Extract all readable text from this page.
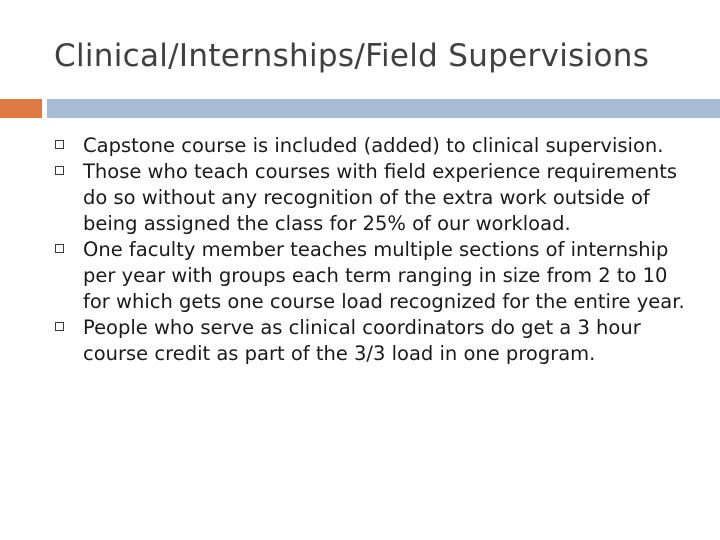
Clinical/Internships/Field Supervisions
Capstone course is included (added) to clinical supervision.
Those who teach courses with field experience requirements do so without any recognition of the extra work outside of being assigned the class for 25% of our workload.
One faculty member teaches multiple sections of internship per year with groups each term ranging in size from 2 to 10 for which gets one course load recognized for the entire year.
People who serve as clinical coordinators do get a 3 hour course credit as part of the 3/3 load in one program.
